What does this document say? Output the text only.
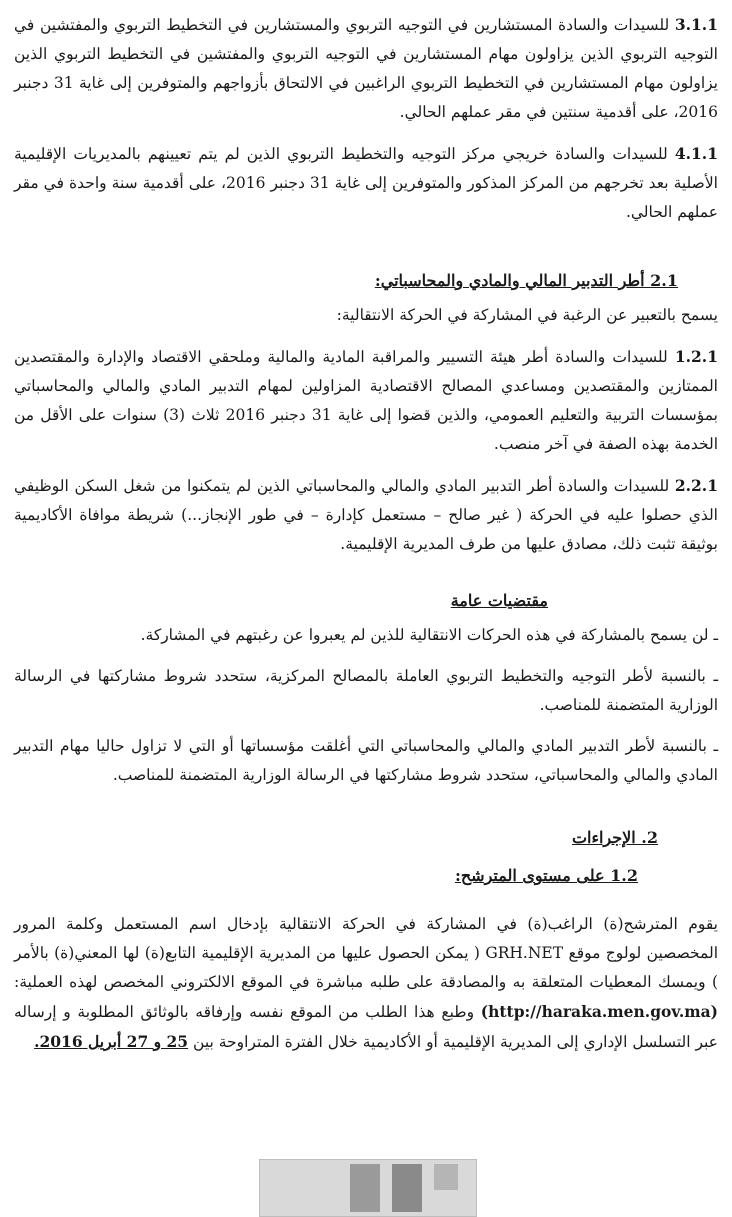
3.1.1 للسيدات والسادة المستشارين في التوجيه التربوي والمستشارين في التخطيط التربوي والمفتشين في التوجيه التربوي الذين يزاولون مهام المستشارين في التوجيه التربوي والمفتشين في التخطيط التربوي الذين يزاولون مهام المستشارين في التخطيط التربوي الراغبين في الالتحاق بأزواجهم والمتوفرين إلى غاية 31 دجنبر 2016، على أقدمية سنتين في مقر عملهم الحالي.

4.1.1 للسيدات والسادة خريجي مركز التوجيه والتخطيط التربوي الذين لم يتم تعيينهم بالمديريات الإقليمية الأصلية بعد تخرجهم من المركز المذكور والمتوفرين إلى غاية 31 دجنبر 2016، على أقدمية سنة واحدة في مقر عملهم الحالي.

2.1 أطر التدبير المالي والمادي والمحاسباتي:

يسمح بالتعبير عن الرغبة في المشاركة في الحركة الانتقالية:

1.2.1 للسيدات والسادة أطر هيئة التسيير والمراقبة المادية والمالية وملحقي الاقتصاد والإدارة والمقتصدين الممتازين والمقتصدين ومساعدي المصالح الاقتصادية المزاولين لمهام التدبير المادي والمالي والمحاسباتي بمؤسسات التربية والتعليم العمومي، والذين قضوا إلى غاية 31 دجنبر 2016 ثلاث (3) سنوات على الأقل من الخدمة بهذه الصفة في آخر منصب.

2.2.1 للسيدات والسادة أطر التدبير المادي والمالي والمحاسباتي الذين لم يتمكنوا من شغل السكن الوظيفي الذي حصلوا عليه في الحركة ( غير صالح – مستعمل كإدارة – في طور الإنجاز...) شريطة موافاة الأكاديمية بوثيقة تثبت ذلك، مصادق عليها من طرف المديرية الإقليمية.

مقتضيات عامة

ـ لن يسمح بالمشاركة في هذه الحركات الانتقالية للذين لم يعبروا عن رغبتهم في المشاركة.

ـ بالنسبة لأطر التوجيه والتخطيط التربوي العاملة بالمصالح المركزية، ستحدد شروط مشاركتها في الرسالة الوزارية المتضمنة للمناصب.

ـ بالنسبة لأطر التدبير المادي والمالي والمحاسباتي التي أغلقت مؤسساتها أو التي لا تزاول حاليا مهام التدبير المادي والمالي والمحاسباتي، ستحدد شروط مشاركتها في الرسالة الوزارية المتضمنة للمناصب.

2. الإجراءات
1.2 على مستوى المترشح:

يقوم المترشح(ة) الراغب(ة) في المشاركة في الحركة الانتقالية بإدخال اسم المستعمل وكلمة المرور المخصصين لولوج موقع GRH.NET ( يمكن الحصول عليها من المديرية الإقليمية التابع(ة) لها المعني(ة) بالأمر ) ويمسك المعطيات المتعلقة به والمصادقة على طلبه مباشرة في الموقع الالكتروني المخصص لهذه العملية: (http://haraka.men.gov.ma) وطبع هذا الطلب من الموقع نفسه وإرفاقه بالوثائق المطلوبة و إرساله عبر التسلسل الإداري إلى المديرية الإقليمية أو الأكاديمية خلال الفترة المتراوحة بين 25 و 27 أبريل 2016.
